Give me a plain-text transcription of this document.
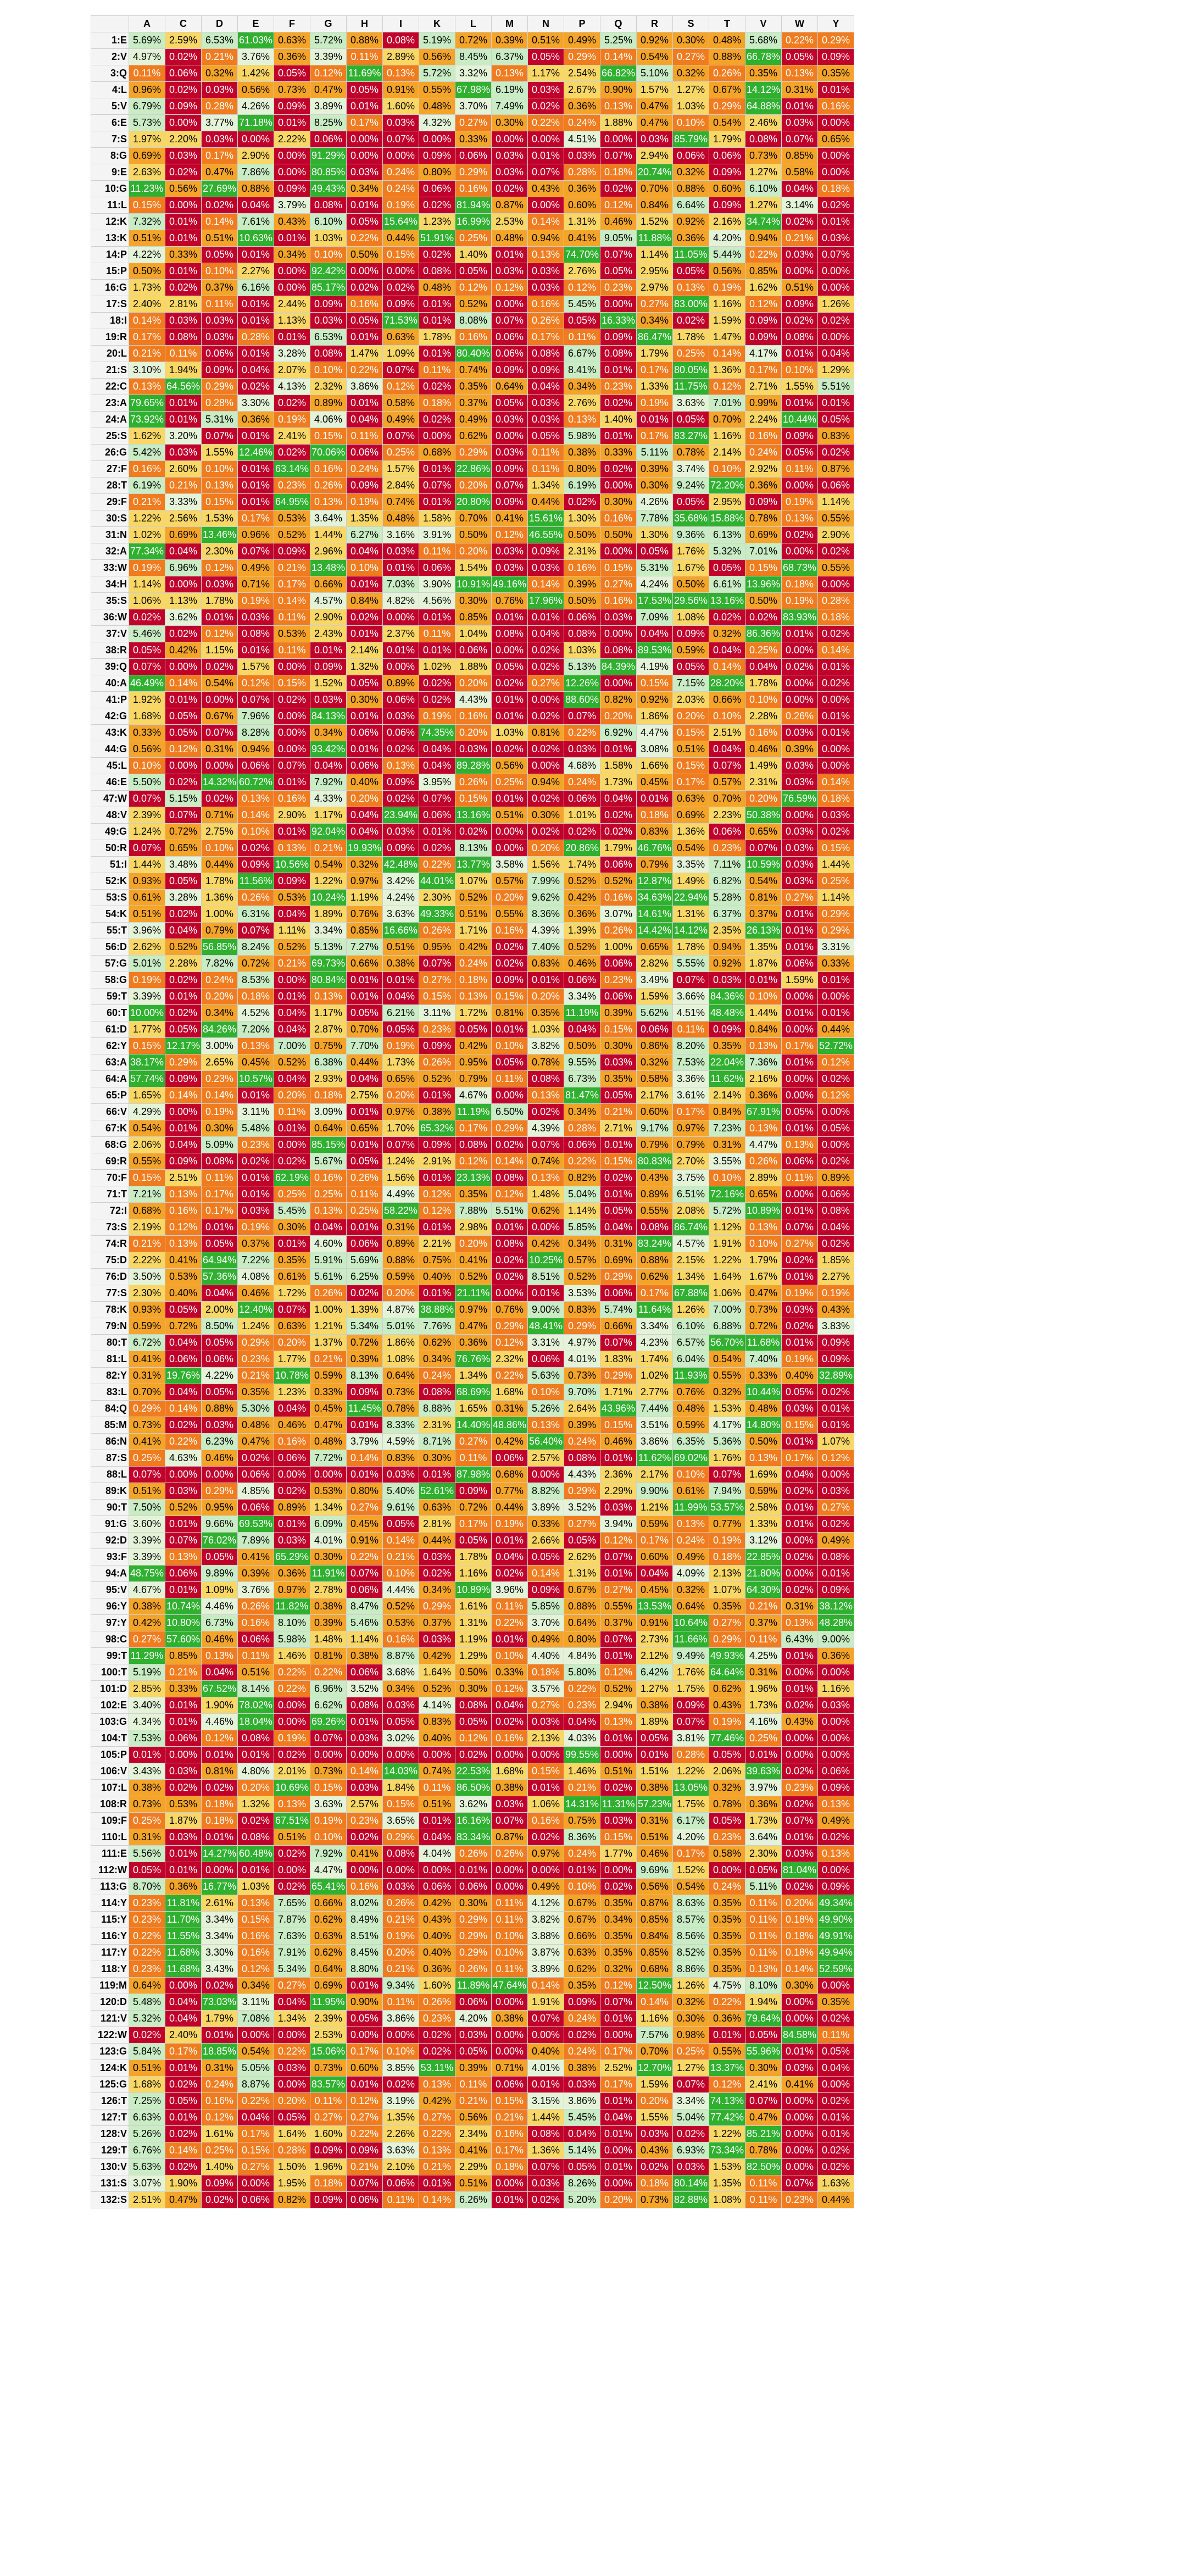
	A	C	D	E	F	G	H	I	K	L	M	N	P	Q	R	S	T	V	W	Y
1:E	5.69%	2.59%	6.53%	61.03%	0.63%	5.72%	0.88%	0.08%	5.19%	0.72%	0.39%	0.51%	0.49%	5.25%	0.92%	0.30%	0.48%	5.68%	0.22%	0.29%
2:V	4.97%	0.02%	0.21%	3.76%	0.36%	3.39%	0.11%	2.89%	0.56%	8.45%	6.37%	0.05%	0.29%	0.14%	0.54%	0.27%	0.88%	66.78%	0.05%	0.09%
3:Q	0.11%	0.06%	0.32%	1.42%	0.05%	0.12%	11.69%	0.13%	5.72%	3.32%	0.13%	1.17%	2.54%	66.82%	5.10%	0.32%	0.26%	0.35%	0.13%	0.35%
4:L	0.96%	0.02%	0.03%	0.56%	0.73%	0.47%	0.05%	0.91%	0.55%	67.98%	6.19%	0.03%	2.67%	0.90%	1.57%	1.27%	0.67%	14.12%	0.31%	0.01%
5:V	6.79%	0.09%	0.28%	4.26%	0.09%	3.89%	0.01%	1.60%	0.48%	3.70%	7.49%	0.02%	0.36%	0.13%	0.47%	1.03%	0.29%	64.88%	0.01%	0.16%
6:E	5.73%	0.00%	3.77%	71.18%	0.01%	8.25%	0.17%	0.03%	4.32%	0.27%	0.30%	0.22%	0.24%	1.88%	0.47%	0.10%	0.54%	2.46%	0.03%	0.00%
7:S	1.97%	2.20%	0.03%	0.00%	2.22%	0.06%	0.00%	0.07%	0.00%	0.33%	0.00%	0.00%	4.51%	0.00%	0.03%	85.79%	1.79%	0.08%	0.07%	0.65%
8:G	0.69%	0.03%	0.17%	2.90%	0.00%	91.29%	0.00%	0.00%	0.09%	0.06%	0.03%	0.01%	0.03%	0.07%	2.94%	0.06%	0.06%	0.73%	0.85%	0.00%
9:E	2.63%	0.02%	0.47%	7.86%	0.00%	80.85%	0.03%	0.24%	0.80%	0.29%	0.03%	0.07%	0.28%	0.18%	20.74%	0.32%	0.09%	1.27%	0.58%	0.00%
10:G	11.23%	0.56%	27.69%	0.88%	0.09%	49.43%	0.34%	0.24%	0.06%	0.16%	0.02%	0.43%	0.36%	0.02%	0.70%	0.88%	0.60%	6.10%	0.04%	0.18%
11:L	0.15%	0.00%	0.02%	0.04%	3.79%	0.08%	0.01%	0.19%	0.02%	81.94%	0.87%	0.00%	0.60%	0.12%	0.84%	6.64%	0.09%	1.27%	3.14%	0.02%
12:K	7.32%	0.01%	0.14%	7.61%	0.43%	6.10%	0.05%	15.64%	1.23%	16.99%	2.53%	0.14%	1.31%	0.46%	1.52%	0.92%	2.16%	34.74%	0.02%	0.01%
13:K	0.51%	0.01%	0.51%	10.63%	0.01%	1.03%	0.22%	0.44%	51.91%	0.25%	0.48%	0.94%	0.41%	9.05%	11.88%	0.36%	4.20%	0.94%	0.21%	0.03%
14:P	4.22%	0.33%	0.05%	0.01%	0.34%	0.10%	0.50%	0.15%	0.02%	1.40%	0.01%	0.13%	74.70%	0.07%	1.14%	11.05%	5.44%	0.22%	0.03%	0.07%
15:P	0.50%	0.01%	0.10%	2.27%	0.00%	92.42%	0.00%	0.00%	0.08%	0.05%	0.03%	0.03%	2.76%	0.05%	2.95%	0.05%	0.56%	0.85%	0.00%	0.00%
16:G	1.73%	0.02%	0.37%	6.16%	0.00%	85.17%	0.02%	0.02%	0.48%	0.12%	0.12%	0.03%	0.12%	0.23%	2.97%	0.13%	0.19%	1.62%	0.51%	0.00%
17:S	2.40%	2.81%	0.11%	0.01%	2.44%	0.09%	0.16%	0.09%	0.01%	0.52%	0.00%	0.16%	5.45%	0.00%	0.27%	83.00%	1.16%	0.12%	0.09%	1.26%
18:I	0.14%	0.03%	0.03%	0.01%	1.13%	0.03%	0.05%	71.53%	0.01%	8.08%	0.07%	0.26%	0.05%	16.33%	0.34%	0.02%	1.59%	0.09%	0.02%	0.02%
19:R	0.17%	0.08%	0.03%	0.28%	0.01%	6.53%	0.01%	0.63%	1.78%	0.16%	0.06%	0.17%	0.11%	0.09%	86.47%	1.78%	1.47%	0.09%	0.08%	0.00%
20:L	0.21%	0.11%	0.06%	0.01%	3.28%	0.08%	1.47%	1.09%	0.01%	80.40%	0.06%	0.08%	6.67%	0.08%	1.79%	0.25%	0.14%	4.17%	0.01%	0.04%
21:S	3.10%	1.94%	0.09%	0.04%	2.07%	0.10%	0.22%	0.07%	0.11%	0.74%	0.09%	0.09%	8.41%	0.01%	0.17%	80.05%	1.36%	0.17%	0.10%	1.29%
22:C	0.13%	64.56%	0.29%	0.02%	4.13%	2.32%	3.86%	0.12%	0.02%	0.35%	0.64%	0.04%	0.34%	0.23%	1.33%	11.75%	0.12%	2.71%	1.55%	5.51%
23:A	79.65%	0.01%	0.28%	3.30%	0.02%	0.89%	0.01%	0.58%	0.18%	0.37%	0.05%	0.03%	2.76%	0.02%	0.19%	3.63%	7.01%	0.99%	0.01%	0.01%
24:A	73.92%	0.01%	5.31%	0.36%	0.19%	4.06%	0.04%	0.49%	0.02%	0.49%	0.03%	0.03%	0.13%	1.40%	0.01%	0.05%	0.70%	2.24%	10.44%	0.05%
25:S	1.62%	3.20%	0.07%	0.01%	2.41%	0.15%	0.11%	0.07%	0.00%	0.62%	0.00%	0.05%	5.98%	0.01%	0.17%	83.27%	1.16%	0.16%	0.09%	0.83%
26:G	5.42%	0.03%	1.55%	12.46%	0.02%	70.06%	0.06%	0.25%	0.68%	0.29%	0.03%	0.11%	0.38%	0.33%	5.11%	0.78%	2.14%	0.24%	0.05%	0.02%
27:F	0.16%	2.60%	0.10%	0.01%	63.14%	0.16%	0.24%	1.57%	0.01%	22.86%	0.09%	0.11%	0.80%	0.02%	0.39%	3.74%	0.10%	2.92%	0.11%	0.87%
28:T	6.19%	0.21%	0.13%	0.01%	0.23%	0.26%	0.09%	2.84%	0.07%	0.20%	0.07%	1.34%	6.19%	0.00%	0.30%	9.24%	72.20%	0.36%	0.00%	0.06%
29:F	0.21%	3.33%	0.15%	0.01%	64.95%	0.13%	0.19%	0.74%	0.01%	20.80%	0.09%	0.44%	0.02%	0.30%	4.26%	0.05%	2.95%	0.09%	0.19%	1.14%
30:S	1.22%	2.56%	1.53%	0.17%	0.53%	3.64%	1.35%	0.48%	1.58%	0.70%	0.41%	15.61%	1.30%	0.16%	7.78%	35.68%	15.88%	0.78%	0.13%	0.55%
31:N	1.02%	0.69%	13.46%	0.96%	0.52%	1.44%	6.27%	3.16%	3.91%	0.50%	0.12%	46.55%	0.50%	0.50%	1.30%	9.36%	6.13%	0.69%	0.02%	2.90%
32:A	77.34%	0.04%	2.30%	0.07%	0.09%	2.96%	0.04%	0.03%	0.11%	0.20%	0.03%	0.09%	2.31%	0.00%	0.05%	1.76%	5.32%	7.01%	0.00%	0.02%
33:W	0.19%	6.96%	0.12%	0.49%	0.21%	13.48%	0.10%	0.01%	0.06%	1.54%	0.03%	0.03%	0.16%	0.15%	5.31%	1.67%	0.05%	0.15%	68.73%	0.55%
34:H	1.14%	0.00%	0.03%	0.71%	0.17%	0.66%	0.01%	7.03%	3.90%	10.91%	49.16%	0.14%	0.39%	0.27%	4.24%	0.50%	6.61%	13.96%	0.18%	0.00%
35:S	1.06%	1.13%	1.78%	0.19%	0.14%	4.57%	0.84%	4.82%	4.56%	0.30%	0.76%	17.96%	0.50%	0.16%	17.53%	29.56%	13.16%	0.50%	0.19%	0.28%
36:W	0.02%	3.62%	0.01%	0.03%	0.11%	2.90%	0.02%	0.00%	0.01%	0.85%	0.01%	0.01%	0.06%	0.03%	7.09%	1.08%	0.02%	0.02%	83.93%	0.18%
37:V	5.46%	0.02%	0.12%	0.08%	0.53%	2.43%	0.01%	2.37%	0.11%	1.04%	0.08%	0.04%	0.08%	0.00%	0.04%	0.09%	0.32%	86.36%	0.01%	0.02%
38:R	0.05%	0.42%	1.15%	0.01%	0.11%	0.01%	2.14%	0.01%	0.01%	0.06%	0.00%	0.02%	1.03%	0.08%	89.53%	0.59%	0.04%	0.25%	0.00%	0.14%
39:Q	0.07%	0.00%	0.02%	1.57%	0.00%	0.09%	1.32%	0.00%	1.02%	1.88%	0.05%	0.02%	5.13%	84.39%	4.19%	0.05%	0.14%	0.04%	0.02%	0.01%
40:A	46.49%	0.14%	0.54%	0.12%	0.15%	1.52%	0.05%	0.89%	0.02%	0.20%	0.02%	0.27%	12.26%	0.00%	0.15%	7.15%	28.20%	1.78%	0.00%	0.02%
41:P	1.92%	0.01%	0.00%	0.07%	0.02%	0.03%	0.30%	0.06%	0.02%	4.43%	0.01%	0.00%	88.60%	0.82%	0.92%	2.03%	0.66%	0.10%	0.00%	0.00%
42:G	1.68%	0.05%	0.67%	7.96%	0.00%	84.13%	0.01%	0.03%	0.19%	0.16%	0.01%	0.02%	0.07%	0.20%	1.86%	0.20%	0.10%	2.28%	0.26%	0.01%
43:K	0.33%	0.05%	0.07%	8.28%	0.00%	0.34%	0.06%	0.06%	74.35%	0.20%	1.03%	0.81%	0.22%	6.92%	4.47%	0.15%	2.51%	0.16%	0.03%	0.01%
44:G	0.56%	0.12%	0.31%	0.94%	0.00%	93.42%	0.01%	0.02%	0.04%	0.03%	0.02%	0.02%	0.03%	0.01%	3.08%	0.51%	0.04%	0.46%	0.39%	0.00%
45:L	0.10%	0.00%	0.00%	0.06%	0.07%	0.04%	0.06%	0.13%	0.04%	89.28%	0.56%	0.00%	4.68%	1.58%	1.66%	0.15%	0.07%	1.49%	0.03%	0.00%
46:E	5.50%	0.02%	14.32%	60.72%	0.01%	7.92%	0.40%	0.09%	3.95%	0.26%	0.25%	0.94%	0.24%	1.73%	0.45%	0.17%	0.57%	2.31%	0.03%	0.14%
47:W	0.07%	5.15%	0.02%	0.13%	0.16%	4.33%	0.20%	0.02%	0.07%	0.15%	0.01%	0.02%	0.06%	0.04%	0.01%	0.63%	0.70%	0.20%	76.59%	0.18%
48:V	2.39%	0.07%	0.71%	0.14%	2.90%	1.17%	0.04%	23.94%	0.06%	13.16%	0.51%	0.30%	1.01%	0.02%	0.18%	0.69%	2.23%	50.38%	0.00%	0.03%
49:G	1.24%	0.72%	2.75%	0.10%	0.01%	92.04%	0.04%	0.03%	0.01%	0.02%	0.00%	0.02%	0.02%	0.02%	0.83%	1.36%	0.06%	0.65%	0.03%	0.02%
50:R	0.07%	0.65%	0.10%	0.02%	0.13%	0.21%	19.93%	0.09%	0.02%	8.13%	0.00%	0.20%	20.86%	1.79%	46.76%	0.54%	0.23%	0.07%	0.03%	0.15%
51:I	1.44%	3.48%	0.44%	0.09%	10.56%	0.54%	0.32%	42.48%	0.22%	13.77%	3.58%	1.56%	1.74%	0.06%	0.79%	3.35%	7.11%	10.59%	0.03%	1.44%
52:K	0.93%	0.05%	1.78%	11.56%	0.09%	1.22%	0.97%	3.42%	44.01%	1.07%	0.57%	7.99%	0.52%	0.52%	12.87%	1.49%	6.82%	0.54%	0.03%	0.25%
53:S	0.61%	3.28%	1.36%	0.26%	0.53%	10.24%	1.19%	4.24%	2.30%	0.52%	0.20%	9.62%	0.42%	0.16%	34.63%	22.94%	5.28%	0.81%	0.27%	1.14%
54:K	0.51%	0.02%	1.00%	6.31%	0.04%	1.89%	0.76%	3.63%	49.33%	0.51%	0.55%	8.36%	0.36%	3.07%	14.61%	1.31%	6.37%	0.37%	0.01%	0.29%
55:T	3.96%	0.04%	0.79%	0.07%	1.11%	3.34%	0.85%	16.66%	0.26%	1.71%	0.16%	4.39%	1.39%	0.26%	14.42%	14.12%	2.35%	26.13%	0.01%	0.29%
56:D	2.62%	0.52%	56.85%	8.24%	0.52%	5.13%	7.27%	0.51%	0.95%	0.42%	0.02%	7.40%	0.52%	1.00%	0.65%	1.78%	0.94%	1.35%	0.01%	3.31%
57:G	5.01%	2.28%	7.82%	0.72%	0.21%	69.73%	0.66%	0.38%	0.07%	0.24%	0.02%	0.83%	0.46%	0.06%	2.82%	5.55%	0.92%	1.87%	0.06%	0.33%
58:G	0.19%	0.02%	0.24%	8.53%	0.00%	80.84%	0.01%	0.01%	0.27%	0.18%	0.09%	0.01%	0.06%	0.23%	3.49%	0.07%	0.03%	0.01%	1.59%	0.01%
59:T	3.39%	0.01%	0.20%	0.18%	0.01%	0.13%	0.01%	0.04%	0.15%	0.13%	0.15%	0.20%	3.34%	0.06%	1.59%	3.66%	84.36%	0.10%	0.00%	0.00%
60:T	10.00%	0.02%	0.34%	4.52%	0.04%	1.17%	0.05%	6.21%	3.11%	1.72%	0.81%	0.35%	11.19%	0.39%	5.62%	4.51%	48.48%	1.44%	0.01%	0.01%
61:D	1.77%	0.05%	84.26%	7.20%	0.04%	2.87%	0.70%	0.05%	0.23%	0.05%	0.01%	1.03%	0.04%	0.15%	0.06%	0.11%	0.09%	0.84%	0.00%	0.44%
62:Y	0.15%	12.17%	3.00%	0.13%	7.00%	0.75%	7.70%	0.19%	0.09%	0.42%	0.10%	3.82%	0.50%	0.30%	0.86%	8.20%	0.35%	0.13%	0.17%	52.72%
63:A	38.17%	0.29%	2.65%	0.45%	0.52%	6.38%	0.44%	1.73%	0.26%	0.95%	0.05%	0.78%	9.55%	0.03%	0.32%	7.53%	22.04%	7.36%	0.01%	0.12%
64:A	57.74%	0.09%	0.23%	10.57%	0.04%	2.93%	0.04%	0.65%	0.52%	0.79%	0.11%	0.08%	6.73%	0.35%	0.58%	3.36%	11.62%	2.16%	0.00%	0.02%
65:P	1.65%	0.14%	0.14%	0.01%	0.20%	0.18%	2.75%	0.20%	0.01%	4.67%	0.00%	0.13%	81.47%	0.05%	2.17%	3.61%	2.14%	0.36%	0.00%	0.12%
66:V	4.29%	0.00%	0.19%	3.11%	0.11%	3.09%	0.01%	0.97%	0.38%	11.19%	6.50%	0.02%	0.34%	0.21%	0.60%	0.17%	0.84%	67.91%	0.05%	0.00%
67:K	0.54%	0.01%	0.30%	5.48%	0.01%	0.64%	0.65%	1.70%	65.32%	0.17%	0.29%	4.39%	0.28%	2.71%	9.17%	0.97%	7.23%	0.13%	0.01%	0.05%
68:G	2.06%	0.04%	5.09%	0.23%	0.00%	85.15%	0.01%	0.07%	0.09%	0.08%	0.02%	0.07%	0.06%	0.01%	0.79%	0.79%	0.31%	4.47%	0.13%	0.00%
69:R	0.55%	0.09%	0.08%	0.02%	0.02%	5.67%	0.05%	1.24%	2.91%	0.12%	0.14%	0.74%	0.22%	0.15%	80.83%	2.70%	3.55%	0.26%	0.06%	0.02%
70:F	0.15%	2.51%	0.11%	0.01%	62.19%	0.16%	0.26%	1.56%	0.01%	23.13%	0.08%	0.13%	0.82%	0.02%	0.43%	3.75%	0.10%	2.89%	0.11%	0.89%
71:T	7.21%	0.13%	0.17%	0.01%	0.25%	0.25%	0.11%	4.49%	0.12%	0.35%	0.12%	1.48%	5.04%	0.01%	0.89%	6.51%	72.16%	0.65%	0.00%	0.06%
72:I	0.68%	0.16%	0.17%	0.03%	5.45%	0.13%	0.25%	58.22%	0.12%	7.88%	5.51%	0.62%	1.14%	0.05%	0.55%	2.08%	5.72%	10.89%	0.01%	0.08%
73:S	2.19%	0.12%	0.01%	0.19%	0.30%	0.04%	0.01%	0.31%	0.01%	2.98%	0.01%	0.00%	5.85%	0.04%	0.08%	86.74%	1.12%	0.13%	0.07%	0.04%
74:R	0.21%	0.13%	0.05%	0.37%	0.01%	4.60%	0.06%	0.89%	2.21%	0.20%	0.08%	0.42%	0.34%	0.31%	83.24%	4.57%	1.91%	0.10%	0.27%	0.02%
75:D	2.22%	0.41%	64.94%	7.22%	0.35%	5.91%	5.69%	0.88%	0.75%	0.41%	0.02%	10.25%	0.57%	0.69%	0.88%	2.15%	1.22%	1.79%	0.02%	1.85%
76:D	3.50%	0.53%	57.36%	4.08%	0.61%	5.61%	6.25%	0.59%	0.40%	0.52%	0.02%	8.51%	0.52%	0.29%	0.62%	1.34%	1.64%	1.67%	0.01%	2.27%
77:S	2.30%	0.40%	0.04%	0.46%	1.72%	0.26%	0.02%	0.20%	0.01%	21.11%	0.00%	0.01%	3.53%	0.06%	0.17%	67.88%	1.06%	0.47%	0.19%	0.19%
78:K	0.93%	0.05%	2.00%	12.40%	0.07%	1.00%	1.39%	4.87%	38.88%	0.97%	0.76%	9.00%	0.83%	5.74%	11.64%	1.26%	7.00%	0.73%	0.03%	0.43%
79:N	0.59%	0.72%	8.50%	1.24%	0.63%	1.21%	5.34%	5.01%	7.76%	0.47%	0.29%	48.41%	0.29%	0.66%	3.34%	6.10%	6.88%	0.72%	0.02%	3.83%
80:T	6.72%	0.04%	0.05%	0.29%	0.20%	1.37%	0.72%	1.86%	0.62%	0.36%	0.12%	3.31%	4.97%	0.07%	4.23%	6.57%	56.70%	11.68%	0.01%	0.09%
81:L	0.41%	0.06%	0.06%	0.23%	1.77%	0.21%	0.39%	1.08%	0.34%	76.76%	2.32%	0.06%	4.01%	1.83%	1.74%	6.04%	0.54%	7.40%	0.19%	0.09%
82:Y	0.31%	19.76%	4.22%	0.21%	10.78%	0.59%	8.13%	0.64%	0.24%	1.34%	0.22%	5.63%	0.73%	0.29%	1.02%	11.93%	0.55%	0.33%	0.40%	32.89%
83:L	0.70%	0.04%	0.05%	0.35%	1.23%	0.33%	0.09%	0.73%	0.08%	68.69%	1.68%	0.10%	9.70%	1.71%	2.77%	0.76%	0.32%	10.44%	0.05%	0.02%
84:Q	0.29%	0.14%	0.88%	5.30%	0.04%	0.45%	11.45%	0.78%	8.88%	1.65%	0.31%	5.26%	2.64%	43.96%	7.44%	0.48%	1.53%	0.48%	0.03%	0.01%
85:M	0.73%	0.02%	0.03%	0.48%	0.46%	0.47%	0.01%	8.33%	2.31%	14.40%	48.86%	0.13%	0.39%	0.15%	3.51%	0.59%	4.17%	14.80%	0.15%	0.01%
86:N	0.41%	0.22%	6.23%	0.47%	0.16%	0.48%	3.79%	4.59%	8.71%	0.27%	0.42%	56.40%	0.24%	0.46%	3.86%	6.35%	5.36%	0.50%	0.01%	1.07%
87:S	0.25%	4.63%	0.46%	0.02%	0.06%	7.72%	0.14%	0.83%	0.30%	0.11%	0.06%	2.57%	0.08%	0.01%	11.62%	69.02%	1.76%	0.13%	0.17%	0.12%
88:L	0.07%	0.00%	0.00%	0.06%	0.00%	0.00%	0.01%	0.03%	0.01%	87.98%	0.68%	0.00%	4.43%	2.36%	2.17%	0.10%	0.07%	1.69%	0.04%	0.00%
89:K	0.51%	0.03%	0.29%	4.85%	0.02%	0.53%	0.80%	5.40%	52.61%	0.09%	0.77%	8.82%	0.29%	2.29%	9.90%	0.61%	7.94%	0.59%	0.02%	0.03%
90:T	7.50%	0.52%	0.95%	0.06%	0.89%	1.34%	0.27%	9.61%	0.63%	0.72%	0.44%	3.89%	3.52%	0.03%	1.21%	11.99%	53.57%	2.58%	0.01%	0.27%
91:G	3.60%	0.01%	9.66%	69.53%	0.01%	6.09%	0.45%	0.05%	2.81%	0.17%	0.19%	0.33%	0.27%	3.94%	0.59%	0.13%	0.77%	1.33%	0.01%	0.02%
92:D	3.39%	0.07%	76.02%	7.89%	0.03%	4.01%	0.91%	0.14%	0.44%	0.05%	0.01%	2.66%	0.05%	0.12%	0.17%	0.24%	0.19%	3.12%	0.00%	0.49%
93:F	3.39%	0.13%	0.05%	0.41%	65.29%	0.30%	0.22%	0.21%	0.03%	1.78%	0.04%	0.05%	2.62%	0.07%	0.60%	0.49%	0.18%	22.85%	0.02%	0.08%
94:A	48.75%	0.06%	9.89%	0.39%	0.36%	11.91%	0.07%	0.10%	0.02%	1.16%	0.02%	0.14%	1.31%	0.01%	0.04%	4.09%	2.13%	21.80%	0.00%	0.01%
95:V	4.67%	0.01%	1.09%	3.76%	0.97%	2.78%	0.06%	4.44%	0.34%	10.89%	3.96%	0.09%	0.67%	0.27%	0.45%	0.32%	1.07%	64.30%	0.02%	0.09%
96:Y	0.38%	10.74%	4.46%	0.26%	11.82%	0.38%	8.47%	0.52%	0.29%	1.61%	0.11%	5.85%	0.88%	0.55%	13.53%	0.64%	0.35%	0.21%	0.31%	38.12%
97:Y	0.42%	10.80%	6.73%	0.16%	8.10%	0.39%	5.46%	0.53%	0.37%	1.31%	0.22%	3.70%	0.64%	0.37%	0.91%	10.64%	0.27%	0.37%	0.13%	48.28%
98:C	0.27%	57.60%	0.46%	0.06%	5.98%	1.48%	1.14%	0.16%	0.03%	1.19%	0.01%	0.49%	0.80%	0.07%	2.73%	11.66%	0.29%	0.11%	6.43%	9.00%
99:T	11.29%	0.85%	0.13%	0.11%	1.46%	0.81%	0.38%	8.87%	0.42%	1.29%	0.10%	4.40%	4.84%	0.01%	2.12%	9.49%	49.93%	4.25%	0.01%	0.36%
100:T	5.19%	0.21%	0.04%	0.51%	0.22%	0.22%	0.06%	3.68%	1.64%	0.50%	0.33%	0.18%	5.80%	0.12%	6.42%	1.76%	64.64%	0.31%	0.00%	0.00%
101:D	2.85%	0.33%	67.52%	8.14%	0.22%	6.96%	3.52%	0.34%	0.52%	0.30%	0.12%	3.57%	0.22%	0.52%	1.27%	1.75%	0.62%	1.96%	0.01%	1.16%
102:E	3.40%	0.01%	1.90%	78.02%	0.00%	6.62%	0.08%	0.03%	4.14%	0.08%	0.04%	0.27%	0.23%	2.94%	0.38%	0.09%	0.43%	1.73%	0.02%	0.03%
103:G	4.34%	0.01%	4.46%	18.04%	0.00%	69.26%	0.01%	0.05%	0.83%	0.05%	0.02%	0.03%	0.04%	0.13%	1.89%	0.07%	0.19%	4.16%	0.43%	0.00%
104:T	7.53%	0.06%	0.12%	0.08%	0.19%	0.07%	0.03%	3.02%	0.40%	0.12%	0.16%	2.13%	4.03%	0.01%	0.05%	3.81%	77.46%	0.25%	0.00%	0.00%
105:P	0.01%	0.00%	0.01%	0.01%	0.02%	0.00%	0.00%	0.00%	0.00%	0.02%	0.00%	0.00%	99.55%	0.00%	0.01%	0.28%	0.05%	0.01%	0.00%	0.00%
106:V	3.43%	0.03%	0.81%	4.80%	2.01%	0.73%	0.14%	14.03%	0.74%	22.53%	1.68%	0.15%	1.46%	0.51%	1.51%	1.22%	2.06%	39.63%	0.02%	0.06%
107:L	0.38%	0.02%	0.02%	0.20%	10.69%	0.15%	0.03%	1.84%	0.11%	86.50%	0.38%	0.01%	0.21%	0.02%	0.38%	13.05%	0.32%	3.97%	0.23%	0.09%
108:R	0.73%	0.53%	0.18%	1.32%	0.13%	3.63%	2.57%	0.15%	0.51%	3.62%	0.03%	1.06%	14.31%	11.31%	57.23%	1.75%	0.78%	0.36%	0.02%	0.13%
109:F	0.25%	1.87%	0.18%	0.02%	67.51%	0.19%	0.23%	3.65%	0.01%	16.16%	0.07%	0.16%	0.75%	0.03%	0.31%	6.17%	0.05%	1.73%	0.07%	0.49%
110:L	0.31%	0.03%	0.01%	0.08%	0.51%	0.10%	0.02%	0.29%	0.04%	83.34%	0.87%	0.02%	8.36%	0.15%	0.51%	4.20%	0.23%	3.64%	0.01%	0.02%
111:E	5.56%	0.01%	14.27%	60.48%	0.02%	7.92%	0.41%	0.08%	4.04%	0.26%	0.26%	0.97%	0.24%	1.77%	0.46%	0.17%	0.58%	2.30%	0.03%	0.13%
112:W	0.05%	0.01%	0.00%	0.01%	0.00%	4.47%	0.00%	0.00%	0.00%	0.01%	0.00%	0.00%	0.01%	0.00%	9.69%	1.52%	0.00%	0.05%	81.04%	0.00%
113:G	8.70%	0.36%	16.77%	1.03%	0.02%	65.41%	0.16%	0.03%	0.06%	0.06%	0.00%	0.49%	0.10%	0.02%	0.56%	0.54%	0.24%	5.11%	0.02%	0.09%
114:Y	0.23%	11.81%	2.61%	0.13%	7.65%	0.66%	8.02%	0.26%	0.42%	0.30%	0.11%	4.12%	0.67%	0.35%	0.87%	8.63%	0.35%	0.11%	0.20%	49.34%
115:Y	0.23%	11.70%	3.34%	0.15%	7.87%	0.62%	8.49%	0.21%	0.43%	0.29%	0.11%	3.82%	0.67%	0.34%	0.85%	8.57%	0.35%	0.11%	0.18%	49.90%
116:Y	0.22%	11.55%	3.34%	0.16%	7.63%	0.63%	8.51%	0.19%	0.40%	0.29%	0.10%	3.88%	0.66%	0.35%	0.84%	8.56%	0.35%	0.11%	0.18%	49.91%
117:Y	0.22%	11.68%	3.30%	0.16%	7.91%	0.62%	8.45%	0.20%	0.40%	0.29%	0.10%	3.87%	0.63%	0.35%	0.85%	8.52%	0.35%	0.11%	0.18%	49.94%
118:Y	0.23%	11.68%	3.43%	0.12%	5.34%	0.64%	8.80%	0.21%	0.36%	0.26%	0.11%	3.89%	0.62%	0.32%	0.68%	8.86%	0.35%	0.13%	0.14%	52.59%
119:M	0.64%	0.00%	0.02%	0.34%	0.27%	0.69%	0.01%	9.34%	1.60%	11.89%	47.64%	0.14%	0.35%	0.12%	12.50%	1.26%	4.75%	8.10%	0.30%	0.00%
120:D	5.48%	0.04%	73.03%	3.11%	0.04%	11.95%	0.90%	0.11%	0.26%	0.06%	0.00%	1.91%	0.09%	0.07%	0.14%	0.32%	0.22%	1.94%	0.00%	0.35%
121:V	5.32%	0.04%	1.79%	7.08%	1.34%	2.39%	0.05%	3.86%	0.23%	4.20%	0.38%	0.07%	0.24%	0.01%	1.16%	0.30%	0.36%	79.64%	0.00%	0.02%
122:W	0.02%	2.40%	0.01%	0.00%	0.00%	2.53%	0.00%	0.00%	0.02%	0.03%	0.00%	0.00%	0.02%	0.00%	7.57%	0.98%	0.01%	0.05%	84.58%	0.11%
123:G	5.84%	0.17%	18.85%	0.54%	0.22%	15.06%	0.17%	0.10%	0.02%	0.05%	0.00%	0.40%	0.24%	0.17%	0.70%	0.25%	0.55%	55.96%	0.01%	0.05%
124:K	0.51%	0.01%	0.31%	5.05%	0.03%	0.73%	0.60%	3.85%	53.11%	0.39%	0.71%	4.01%	0.38%	2.52%	12.70%	1.27%	13.37%	0.30%	0.03%	0.04%
125:G	1.68%	0.02%	0.24%	8.87%	0.00%	83.57%	0.01%	0.02%	0.13%	0.11%	0.06%	0.01%	0.03%	0.17%	1.59%	0.07%	0.12%	2.41%	0.41%	0.00%
126:T	7.25%	0.05%	0.16%	0.22%	0.20%	0.11%	0.12%	3.19%	0.42%	0.21%	0.15%	3.15%	3.86%	0.01%	0.20%	3.34%	74.13%	0.07%	0.00%	0.02%
127:T	6.63%	0.01%	0.12%	0.04%	0.05%	0.27%	0.27%	1.35%	0.27%	0.56%	0.21%	1.44%	5.45%	0.04%	1.55%	5.04%	77.42%	0.47%	0.00%	0.01%
128:V	5.26%	0.02%	1.61%	0.17%	1.64%	1.60%	0.22%	2.26%	0.22%	2.34%	0.16%	0.08%	0.04%	0.01%	0.03%	0.02%	1.22%	85.21%	0.00%	0.01%
129:T	6.76%	0.14%	0.25%	0.15%	0.28%	0.09%	0.09%	3.63%	0.13%	0.41%	0.17%	1.36%	5.14%	0.00%	0.43%	6.93%	73.34%	0.78%	0.00%	0.02%
130:V	5.63%	0.02%	1.40%	0.27%	1.50%	1.96%	0.21%	2.10%	0.21%	2.29%	0.18%	0.07%	0.05%	0.01%	0.02%	0.03%	1.53%	82.50%	0.00%	0.02%
131:S	3.07%	1.90%	0.09%	0.00%	1.95%	0.18%	0.07%	0.06%	0.01%	0.51%	0.00%	0.03%	8.26%	0.00%	0.18%	80.14%	1.35%	0.11%	0.07%	1.63%
132:S	2.51%	0.47%	0.02%	0.06%	0.82%	0.09%	0.06%	0.11%	0.14%	6.26%	0.01%	0.02%	5.20%	0.20%	0.73%	82.88%	1.08%	0.11%	0.23%	0.44%
